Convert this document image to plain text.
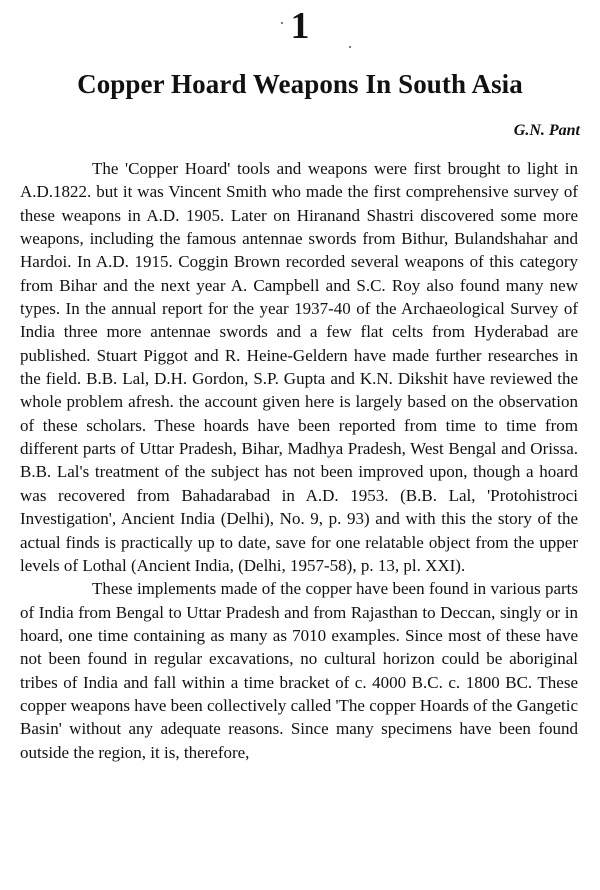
1
Copper Hoard Weapons In South Asia
G.N. Pant

The 'Copper Hoard' tools and weapons were first brought to light in A.D.1822. but it was Vincent Smith who made the first comprehensive survey of these weapons in A.D. 1905. Later on Hiranand Shastri discovered some more weapons, including the famous antennae swords from Bithur, Bulandshahar and Hardoi. In A.D. 1915. Coggin Brown recorded several weapons of this category from Bihar and the next year A. Campbell and S.C. Roy also found many new types. In the annual report for the year 1937-40 of the Archaeological Survey of India three more antennae swords and a few flat celts from Hyderabad are published. Stuart Piggot and R. Heine-Geldern have made further researches in the field. B.B. Lal, D.H. Gordon, S.P. Gupta and K.N. Dikshit have reviewed the whole problem afresh. the account given here is largely based on the observation of these scholars. These hoards have been reported from time to time from different parts of Uttar Pradesh, Bihar, Madhya Pradesh, West Bengal and Orissa. B.B. Lal's treatment of the subject has not been improved upon, though a hoard was recovered from Bahadarabad in A.D. 1953. (B.B. Lal, 'Protohistroci Investigation', Ancient India (Delhi), No. 9, p. 93) and with this the story of the actual finds is practically up to date, save for one relatable object from the upper levels of Lothal (Ancient India, (Delhi, 1957-58), p. 13, pl. XXI).

These implements made of the copper have been found in various parts of India from Bengal to Uttar Pradesh and from Rajasthan to Deccan, singly or in hoard, one time containing as many as 7010 examples. Since most of these have not been found in regular excavations, no cultural horizon could be aboriginal tribes of India and fall within a time bracket of c. 4000 B.C. c. 1800 BC. These copper weapons have been collectively called 'The copper Hoards of the Gangetic Basin' without any adequate reasons. Since many specimens have been found outside the region, it is, therefore,
